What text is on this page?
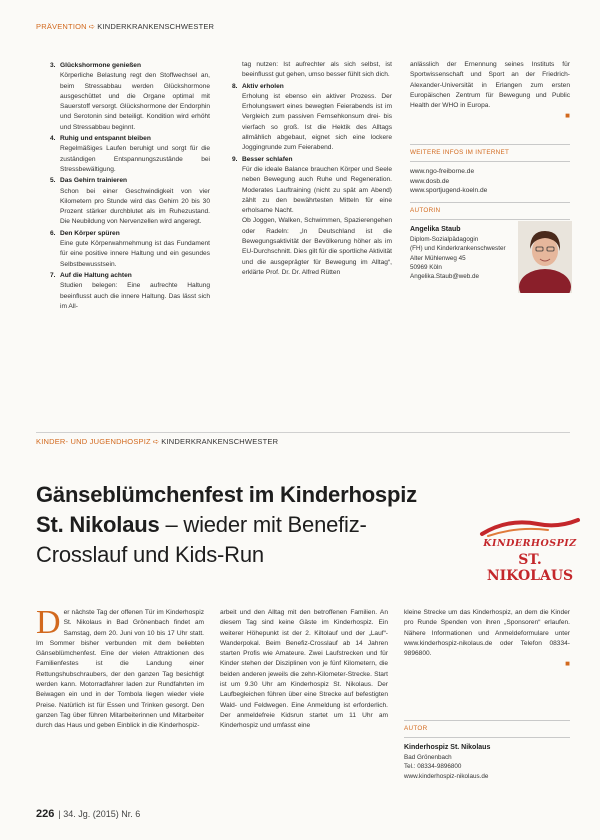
PRÄVENTION ➪ KINDERKRANKENSCHWESTER
3. Glückshormone genießen
Körperliche Belastung regt den Stoffwechsel an, beim Stressabbau werden Glückshormone ausgeschüttet und die Organe optimal mit Sauerstoff versorgt. Glückshormone der Endorphin und Serotonin sind beteiligt. Kondition wird erhöht und Stressabbau beginnt.
4. Ruhig und entspannt bleiben
Regelmäßiges Laufen beruhigt und sorgt für die zuständigen Entspannungszustände bei Stressbewältigung.
5. Das Gehirn trainieren
Schon bei einer Geschwindigkeit von vier Kilometern pro Stunde wird das Gehirn 20 bis 30 Prozent stärker durchblutet als im Ruhezustand. Die Neubildung von Nervenzellen wird angeregt.
6. Den Körper spüren
Eine gute Körperwahrnehmung ist das Fundament für eine positive innere Haltung und ein gesundes Selbstbewusstsein.
7. Auf die Haltung achten
Studien belegen: Eine aufrechte Haltung beeinflusst auch die innere Haltung. Das lässt sich im All-
tag nutzen: Ist aufrechter als sich selbst, ist beeinflusst gut gehen, umso besser fühlt sich dich.
8. Aktiv erholen
Erholung ist ebenso ein aktiver Prozess. Der Erholungswert eines bewegten Feierabends ist im Vergleich zum passiven Fernsehkonsum drei- bis vierfach so groß. Ist die Hektik des Alltags allmählich abgebaut, eignet sich eine lockere Joggingrunde zum Feierabend.
9. Besser schlafen
Für die ideale Balance brauchen Körper und Seele neben Bewegung auch Ruhe und Regeneration. Moderates Lauftraining (nicht zu spät am Abend) zählt zu den bewährtesten Mitteln für eine erholsame Nacht.
Ob Joggen, Walken, Schwimmen, Spazierengehen oder Radeln: „In Deutschland ist die Bewegungsaktivität der Bevölkerung höher als im EU-Durchschnitt. Dies gilt für die sportliche Aktivität und die ausgeprägter für Bewegung im Alltag“, erklärte Prof. Dr. Dr. Alfred Rütten
anlässlich der Ernennung seines Instituts für Sportwissenschaft und Sport an der Friedrich-Alexander-Universität in Erlangen zum ersten Europäischen Zentrum für Bewegung und Public Health der WHO in Europa.
■
WEITERE INFOS IM INTERNET
www.ngo-freiborne.de
www.dosb.de
www.sportjugend-koeln.de
AUTORIN
Angelika Staub
Diplom-Sozialpädagogin
(FH) und Kinderkrankenschwester
Alter Mühlenweg 45
50969 Köln
Angelika.Staub@web.de
KINDER- UND JUGENDHOSPIZ ➪ KINDERKRANKENSCHWESTER
Gänseblümchenfest im Kinderhospiz St. Nikolaus – wieder mit Benefiz-Crosslauf und Kids-Run	KINDERHOSPIZ
ST. NIKOLAUS
D er nächste Tag der offenen Tür im Kinderhospiz St. Nikolaus in Bad Grönenbach findet am Samstag, dem 20. Juni von 10 bis 17 Uhr statt. Im Sommer bisher verbunden mit dem beliebten Gänseblümchenfest. Eine der vielen Attraktionen des Familienfestes ist die Landung einer Rettungshubschraubers, der den ganzen Tag besichtigt werden kann. Motorradfahrer laden zur Rundfahrten im Beiwagen ein und in der Tombola liegen wieder viele Preise. Natürlich ist für Essen und Trinken gesorgt. Den ganzen Tag über führen Mitarbeiterinnen und Mitarbeiter durch das Haus und geben Einblick in die Kinderhospiz-
arbeit und den Alltag mit den betroffenen Familien. An diesem Tag sind keine Gäste im Kinderhospiz. Ein weiterer Höhepunkt ist der 2. Kiltolauf und der „Lauf“-Wanderpokal. Beim Benefiz-Crosslauf ab 14 Jahren starten Profis wie Amateure. Zwei Laufstrecken und für Kinder stehen der Disziplinen von je fünf Kilometern, die beiden anderen jeweils die zehn-Kilometer-Strecke. Start ist um 9.30 Uhr am Kinderhospiz St. Nikolaus. Der Laufbegleichen führen über eine Strecke auf befestigten Wald- und Feldwegen. Eine Anmeldung ist erforderlich. Der anmeldefreie Kidsrun startet um 11 Uhr am Kinderhospiz und umfasst eine
kleine Strecke um das Kinderhospiz, an dem die Kinder pro Runde Spenden von ihren „Sponsoren“ erlaufen. Nähere Informationen und Anmeldeformulare unter www.kinderhospiz-nikolaus.de oder Telefon 08334-9896800.
■
AUTOR
Kinderhospiz St. Nikolaus
Bad Grönenbach
Tel.: 08334-9896800
www.kinderhospiz-nikolaus.de
226 | 34. Jg. (2015) Nr. 6
